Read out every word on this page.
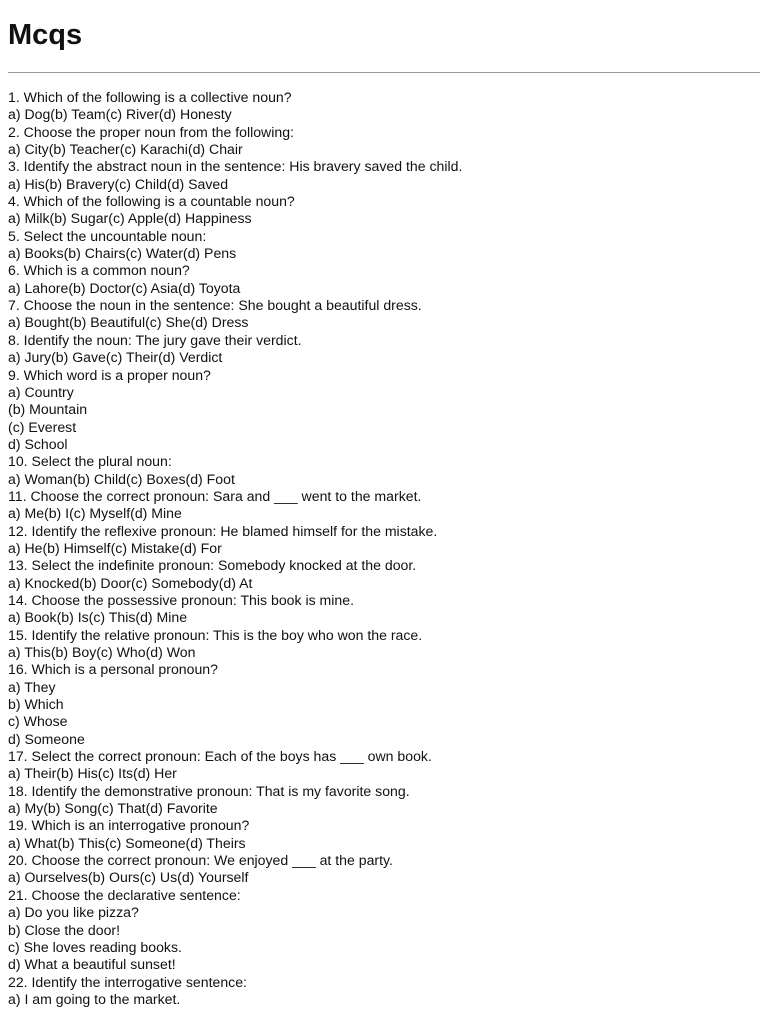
Mcqs
1. Which of the following is a collective noun?
a) Dog(b) Team(c) River(d) Honesty
2. Choose the proper noun from the following:
a) City(b) Teacher(c) Karachi(d) Chair
3. Identify the abstract noun in the sentence: His bravery saved the child.
a) His(b) Bravery(c) Child(d) Saved
4. Which of the following is a countable noun?
a) Milk(b) Sugar(c) Apple(d) Happiness
5. Select the uncountable noun:
a) Books(b) Chairs(c) Water(d) Pens
6. Which is a common noun?
a) Lahore(b) Doctor(c) Asia(d) Toyota
7. Choose the noun in the sentence: She bought a beautiful dress.
a) Bought(b) Beautiful(c) She(d) Dress
8. Identify the noun: The jury gave their verdict.
a) Jury(b) Gave(c) Their(d) Verdict
9. Which word is a proper noun?
a) Country
(b) Mountain
(c) Everest
d) School
10. Select the plural noun:
a) Woman(b) Child(c) Boxes(d) Foot
11. Choose the correct pronoun: Sara and ___ went to the market.
a) Me(b) I(c) Myself(d) Mine
12. Identify the reflexive pronoun: He blamed himself for the mistake.
a) He(b) Himself(c) Mistake(d) For
13. Select the indefinite pronoun: Somebody knocked at the door.
a) Knocked(b) Door(c) Somebody(d) At
14. Choose the possessive pronoun: This book is mine.
a) Book(b) Is(c) This(d) Mine
15. Identify the relative pronoun: This is the boy who won the race.
a) This(b) Boy(c) Who(d) Won
16. Which is a personal pronoun?
a) They
b) Which
c) Whose
d) Someone
17. Select the correct pronoun: Each of the boys has ___ own book.
a) Their(b) His(c) Its(d) Her
18. Identify the demonstrative pronoun: That is my favorite song.
a) My(b) Song(c) That(d) Favorite
19. Which is an interrogative pronoun?
a) What(b) This(c) Someone(d) Theirs
20. Choose the correct pronoun: We enjoyed ___ at the party.
a) Ourselves(b) Ours(c) Us(d) Yourself
21. Choose the declarative sentence:
a) Do you like pizza?
b) Close the door!
c) She loves reading books.
d) What a beautiful sunset!
22. Identify the interrogative sentence:
a) I am going to the market.
